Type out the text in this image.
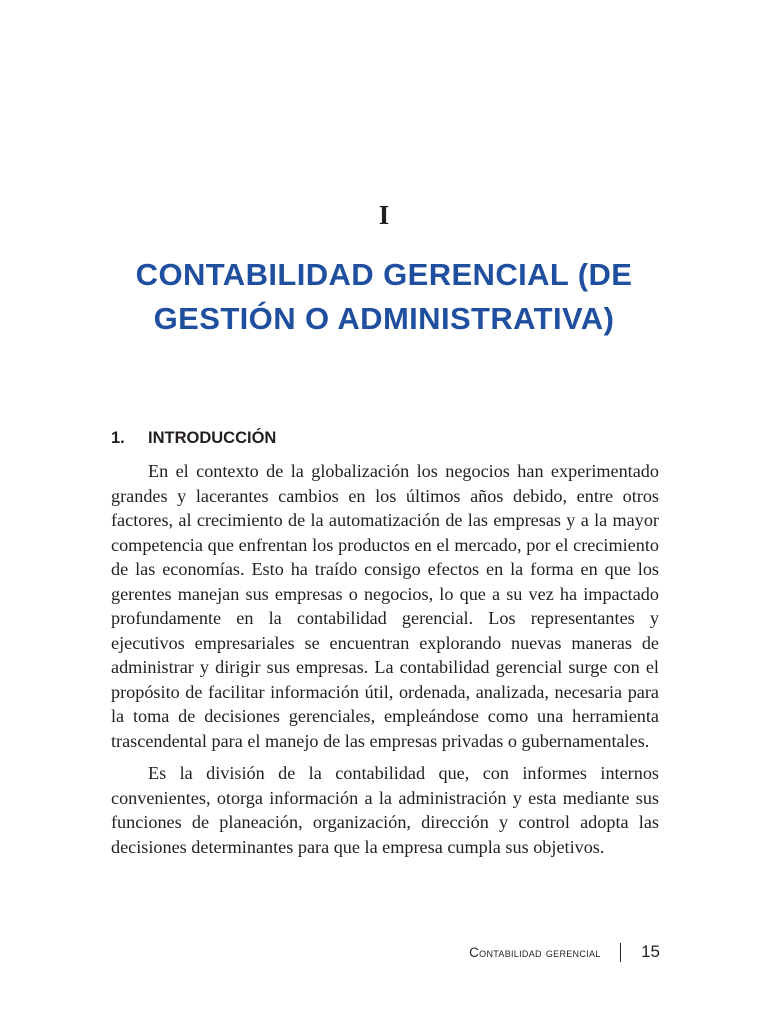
I
CONTABILIDAD GERENCIAL (DE
GESTIÓN O ADMINISTRATIVA)
1. INTRODUCCIÓN

En el contexto de la globalización los negocios han experimentado grandes y lacerantes cambios en los últimos años debido, entre otros factores, al crecimiento de la automatización de las empresas y a la mayor competencia que enfrentan los productos en el mercado, por el crecimiento de las economías. Esto ha traído consigo efectos en la forma en que los gerentes manejan sus empresas o negocios, lo que a su vez ha impactado profundamente en la contabilidad gerencial. Los representantes y ejecutivos empresariales se encuentran explorando nuevas maneras de administrar y dirigir sus empresas. La contabilidad gerencial surge con el propósito de facilitar información útil, ordenada, analizada, necesaria para la toma de decisiones gerenciales, empleándose como una herramienta trascendental para el manejo de las empresas privadas o gubernamentales.

Es la división de la contabilidad que, con informes internos convenientes, otorga información a la administración y esta mediante sus funciones de planeación, organización, dirección y control adopta las decisiones determinantes para que la empresa cumpla sus objetivos.

Contabilidad gerencial 15
